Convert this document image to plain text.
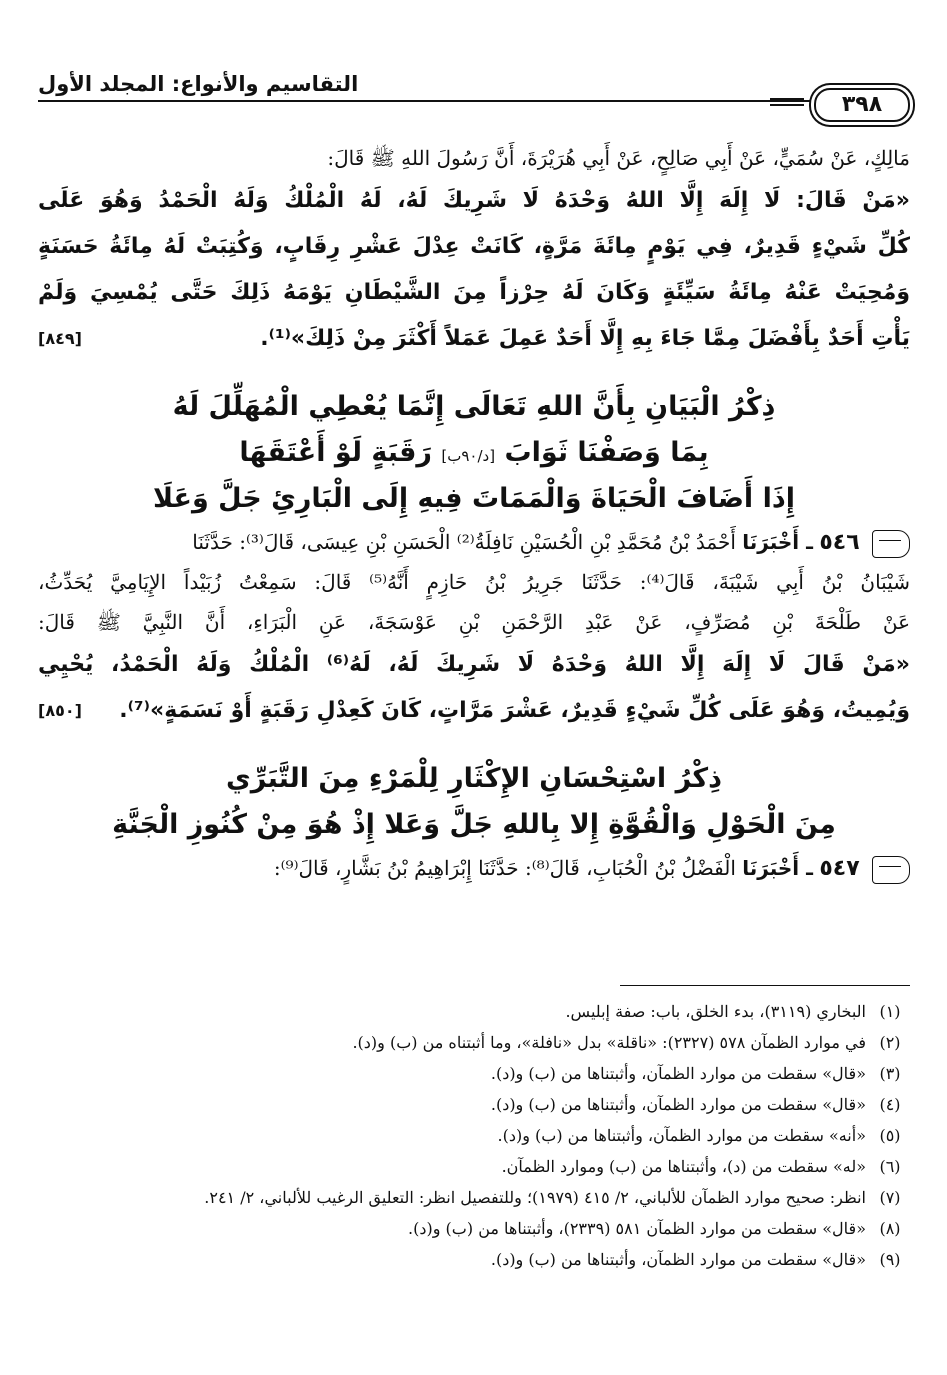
التقاسيم والأنواع: المجلد الأول
٣٩٨
مَالِكٍ، عَنْ سُمَيٍّ، عَنْ أَبِي صَالِحٍ، عَنْ أَبِي هُرَيْرَةَ، أَنَّ رَسُولَ اللهِ ﷺ قَالَ:
«مَنْ قَالَ: لَا إِلَهَ إِلَّا اللهُ وَحْدَهُ لَا شَرِيكَ لَهُ، لَهُ الْمُلْكُ وَلَهُ الْحَمْدُ وَهُوَ عَلَى
كُلِّ شَيْءٍ قَدِيرٌ، فِي يَوْمٍ مِائَةَ مَرَّةٍ، كَانَتْ عِدْلَ عَشْرِ رِقَابٍ، وَكُتِبَتْ لَهُ مِائَةُ حَسَنَةٍ
وَمُحِيَتْ عَنْهُ مِائَةُ سَيِّئَةٍ وَكَانَ لَهُ حِرْزاً مِنَ الشَّيْطَانِ يَوْمَهُ ذَلِكَ حَتَّى يُمْسِيَ وَلَمْ
[٨٤٩]	يَأْتِ أَحَدٌ بِأَفْضَلَ مِمَّا جَاءَ بِهِ إِلَّا أَحَدٌ عَمِلَ عَمَلاً أَكْثَرَ مِنْ ذَلِكَ»⁽¹⁾.
ذِكْرُ الْبَيَانِ بِأَنَّ اللهِ تَعَالَى إِنَّمَا يُعْطِي الْمُهَلِّلَ لَهُ
بِمَا وَصَفْنَا ثَوَابَ [د/٩٠ب] رَقَبَةٍ لَوْ أَعْتَقَهَا
إِذَا أَضَافَ الْحَيَاةَ وَالْمَمَاتَ فِيهِ إِلَى الْبَارِئِ جَلَّ وَعَلَا
٥٤٦ ـ أَخْبَرَنَا أَحْمَدُ بْنُ مُحَمَّدِ بْنِ الْحُسَيْنِ نَافِلَةُ⁽²⁾ الْحَسَنِ بْنِ عِيسَى، قَالَ⁽³⁾: حَدَّثَنَا
شَيْبَانُ بْنُ أَبِي شَيْبَةَ، قَالَ⁽⁴⁾: حَدَّثَنَا جَرِيرُ بْنُ حَازِمٍ أَنَّهُ⁽⁵⁾ قَالَ: سَمِعْتُ زُبَيْداً الإِيَامِيَّ يُحَدِّثُ،
عَنْ طَلْحَةَ بْنِ مُصَرِّفٍ، عَنْ عَبْدِ الرَّحْمَنِ بْنِ عَوْسَجَةَ، عَنِ الْبَرَاءِ، أَنَّ النَّبِيَّ ﷺ قَالَ:
«مَنْ قَالَ لَا إِلَهَ إِلَّا اللهُ وَحْدَهُ لَا شَرِيكَ لَهُ، لَهُ⁽⁶⁾ الْمُلْكُ وَلَهُ الْحَمْدُ، يُحْيِي
[٨٥٠] وَيُمِيتُ، وَهُوَ عَلَى كُلِّ شَيْءٍ قَدِيرٌ، عَشْرَ مَرَّاتٍ، كَانَ كَعِدْلِ رَقَبَةٍ أَوْ نَسَمَةٍ»⁽⁷⁾.
ذِكْرُ اسْتِحْسَانِ الإِكْثَارِ لِلْمَرْءِ مِنَ التَّبَرِّي
مِنَ الْحَوْلِ وَالْقُوَّةِ إِلا بِاللهِ جَلَّ وَعَلا إِذْ هُوَ مِنْ كُنُوزِ الْجَنَّةِ
٥٤٧ ـ أَخْبَرَنَا الْفَضْلُ بْنُ الْحُبَابِ، قَالَ⁽⁸⁾: حَدَّثَنَا إِبْرَاهِيمُ بْنُ بَشَّارٍ، قَالَ⁽⁹⁾:
(١)
البخاري (٣١١٩)، بدء الخلق، باب: صفة إبليس.
(٢)
في موارد الظمآن ٥٧٨ (٢٣٢٧): «ناقلة» بدل «نافلة»، وما أثبتناه من (ب) و(د).
(٣)
«قال» سقطت من موارد الظمآن، وأثبتناها من (ب) و(د).
(٤)
«قال» سقطت من موارد الظمآن، وأثبتناها من (ب) و(د).
(٥)
«أنه» سقطت من موارد الظمآن، وأثبتناها من (ب) و(د).
(٦)
«له» سقطت من (د)، وأثبتناها من (ب) وموارد الظمآن.
(٧)
انظر: صحيح موارد الظمآن للألباني، ٢/ ٤١٥ (١٩٧٩)؛ وللتفصيل انظر: التعليق الرغيب للألباني، ٢/ ٢٤١.
(٨)
«قال» سقطت من موارد الظمآن ٥٨١ (٢٣٣٩)، وأثبتناها من (ب) و(د).
(٩)
«قال» سقطت من موارد الظمآن، وأثبتناها من (ب) و(د).
